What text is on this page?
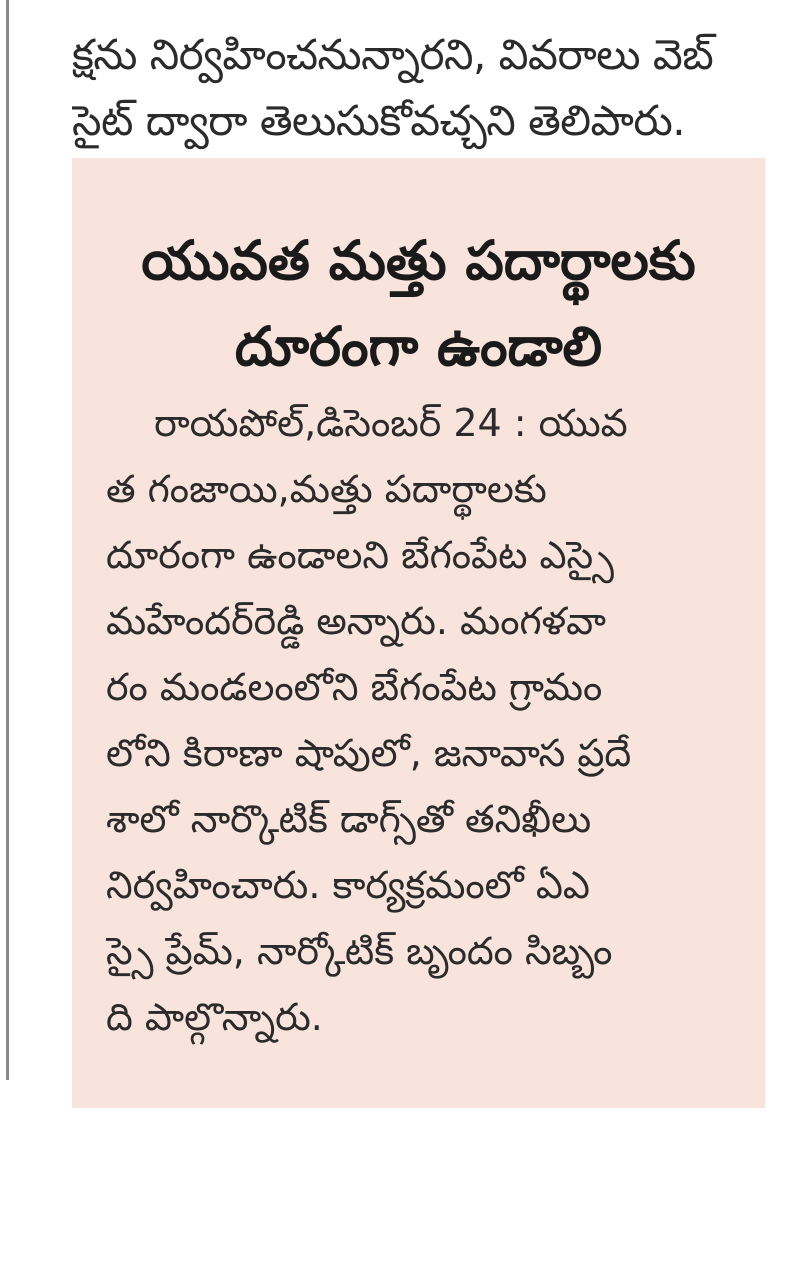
క్షను నిర్వహించనున్నారని, వివరాలు వెబ్

సైట్ ద్వారా తెలుసుకోవచ్చని తెలిపారు.

యువత మత్తు పదార్థాలకు
దూరంగా ఉండాలి
రాయపోల్,డిసెంబర్ 24 : యువ
త గంజాయి,మత్తు పదార్థాలకు
దూరంగా ఉండాలని బేగంపేట ఎస్సై
మహేందర్‌రెడ్డి అన్నారు. మంగళవా
రం మండలంలోని బేగంపేట గ్రామం
లోని కిరాణా షాపులో, జనావాస ప్రదే
శాలో నార్కొటిక్ డాగ్స్‌తో తనిఖీలు
నిర్వహించారు. కార్యక్రమంలో ఏఎ
స్సై ప్రేమ్, నార్కోటిక్ బృందం సిబ్బం
ది పాల్గొన్నారు.
